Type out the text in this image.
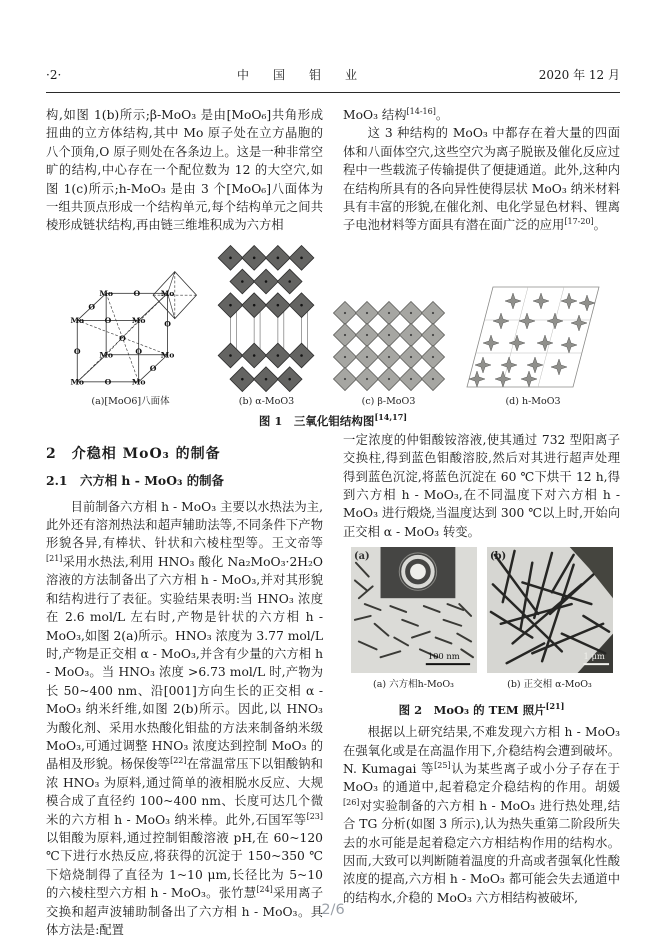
·2·	中　国　钼　业	2020 年 12 月
构,如图 1(b)所示;β-MoO₃ 是由[MoO₆]共角形成扭曲的立方体结构,其中 Mo 原子处在立方晶胞的八个顶角,O 原子则处在各条边上。这是一种非常空旷的结构,中心存在一个配位数为 12 的大空穴,如图 1(c)所示;h-MoO₃ 是由 3 个[MoO₆]八面体为一组共顶点形成一个结构单元,每个结构单元之间共棱形成链状结构,再由链三维堆积成为六方相
MoO₃ 结构[14-16]。
这 3 种结构的 MoO₃ 中都存在着大量的四面体和八面体空穴,这些空穴为离子脱嵌及催化反应过程中一些载流子传输提供了便捷通道。此外,这种内在结构所具有的各向异性使得层状 MoO₃ 纳米材料具有丰富的形貌,在催化剂、电化学显色材料、锂离子电池材料等方面具有潜在面广泛的应用[17-20]。
Mo	Mo
Mo	Mo
Mo	Mo
Mo	Mo
O
O
O	O
O
O
O
O
O
(a)[MoO6]八面体	(b) α-MoO3	(c) β-MoO3	(d) h-MoO3
图 1　三氧化钼结构图[14,17]
2　介稳相 MoO₃ 的制备
2.1　六方相 h - MoO₃ 的制备
目前制备六方相 h - MoO₃ 主要以水热法为主,此外还有溶剂热法和超声辅助法等,不同条件下产物形貌各异,有棒状、针状和六棱柱型等。王文帝等[21]采用水热法,利用 HNO₃ 酸化 Na₂MoO₃·2H₂O 溶液的方法制备出了六方相 h - MoO₃,并对其形貌和结构进行了表征。实验结果表明:当 HNO₃ 浓度在 2.6 mol/L 左右时,产物是针状的六方相 h - MoO₃,如图 2(a)所示。HNO₃ 浓度为 3.77 mol/L 时,产物是正交相 α - MoO₃,并含有少量的六方相 h - MoO₃。当 HNO₃ 浓度 >6.73 mol/L 时,产物为长 50~400 nm、沿[001]方向生长的正交相 α - MoO₃ 纳米纤维,如图 2(b)所示。因此,以 HNO₃ 为酸化剂、采用水热酸化钼盐的方法来制备纳米级 MoO₃,可通过调整 HNO₃ 浓度达到控制 MoO₃ 的晶相及形貌。杨保俊等[22]在常温常压下以钼酸钠和浓 HNO₃ 为原料,通过简单的液相脱水反应、大规模合成了直径约 100~400 nm、长度可达几个微米的六方相 h - MoO₃ 纳米棒。此外,石国军等[23]以钼酸为原料,通过控制钼酸溶液 pH,在 60~120 ℃下进行水热反应,将获得的沉淀于 150~350 ℃下焙烧制得了直径为 1~10 μm,长径比为 5~10 的六棱柱型六方相 h - MoO₃。张竹慧[24]采用离子交换和超声波辅助制备出了六方相 h - MoO₃。具体方法是:配置
一定浓度的仲钼酸铵溶液,使其通过 732 型阳离子交换柱,得到蓝色钼酸溶胶,然后对其进行超声处理得到蓝色沉淀,将蓝色沉淀在 60 ℃下烘干 12 h,得到六方相 h - MoO₃,在不同温度下对六方相 h - MoO₃ 进行煅烧,当温度达到 300 ℃以上时,开始向正交相 α - MoO₃ 转变。
(a)
100 nm
(a) 六方相h-MoO₃
(b)
1 μm
(b) 正交相 α-MoO₃
图 2　MoO₃ 的 TEM 照片[21]
根据以上研究结果,不难发现六方相 h - MoO₃ 在强氧化或是在高温作用下,介稳结构会遭到破坏。N. Kumagai 等[25]认为某些离子或小分子存在于 MoO₃ 的通道中,起着稳定介稳结构的作用。胡媛[26]对实验制备的六方相 h - MoO₃ 进行热处理,结合 TG 分析(如图 3 所示),认为热失重第二阶段所失去的水可能是起着稳定六方相结构作用的结构水。因而,大致可以判断随着温度的升高或者强氧化性酸浓度的提高,六方相 h - MoO₃ 都可能会失去通道中的结构水,介稳的 MoO₃ 六方相结构被破坏,
2/6
